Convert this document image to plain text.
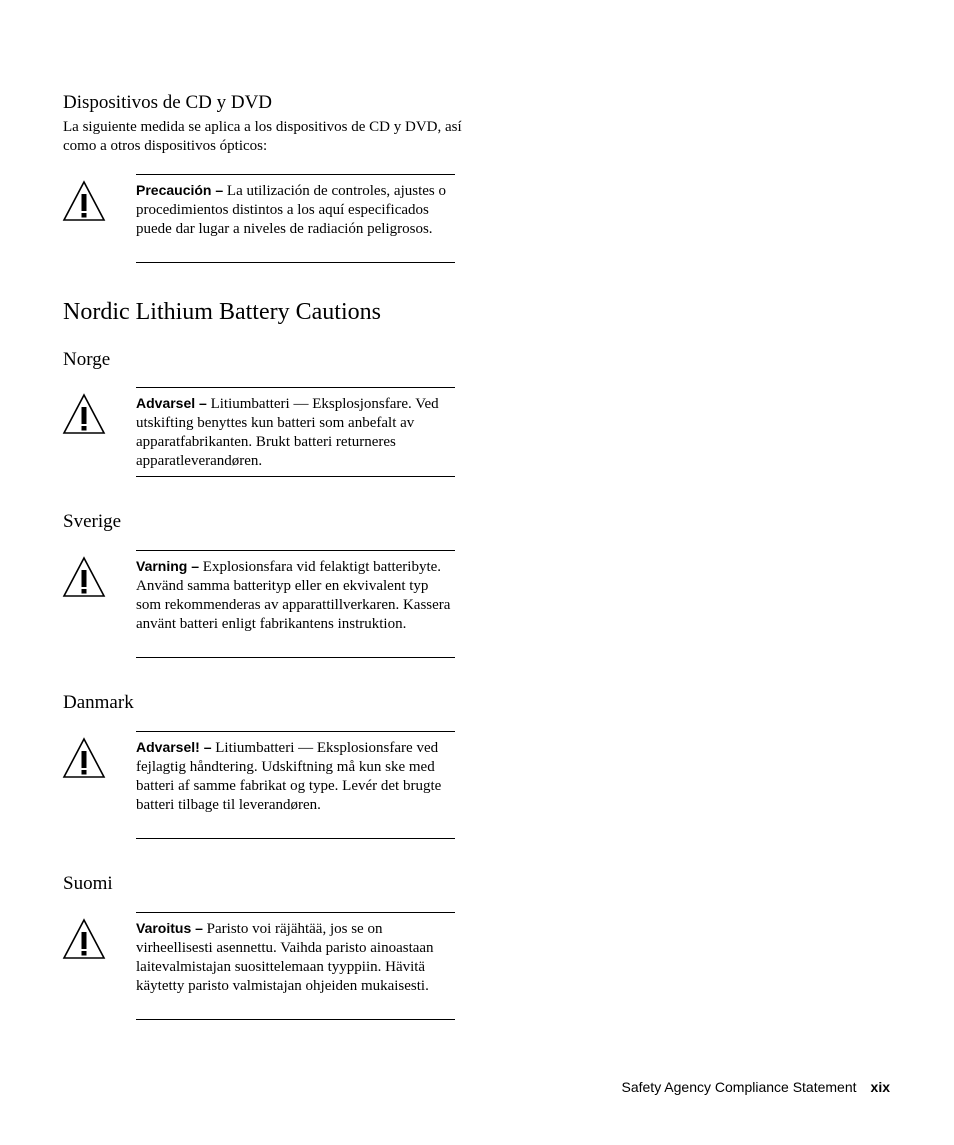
Dispositivos de CD y DVD

La siguiente medida se aplica a los dispositivos de CD y DVD, así como a otros dispositivos ópticos:

Precaución – La utilización de controles, ajustes o procedimientos distintos a los aquí especificados puede dar lugar a niveles de radiación peligrosos.

Nordic Lithium Battery Cautions
Norge

Advarsel – Litiumbatteri — Eksplosjonsfare. Ved utskifting benyttes kun batteri som anbefalt av apparatfabrikanten. Brukt batteri returneres apparatleverandøren.

Sverige

Varning – Explosionsfara vid felaktigt batteribyte. Använd samma batterityp eller en ekvivalent typ som rekommenderas av apparattillverkaren. Kassera använt batteri enligt fabrikantens instruktion.

Danmark

Advarsel! – Litiumbatteri — Eksplosionsfare ved fejlagtig håndtering. Udskiftning må kun ske med batteri af samme fabrikat og type. Levér det brugte batteri tilbage til leverandøren.

Suomi

Varoitus – Paristo voi räjähtää, jos se on virheellisesti asennettu. Vaihda paristo ainoastaan laitevalmistajan suosittelemaan tyyppiin. Hävitä käytetty paristo valmistajan ohjeiden mukaisesti.

Safety Agency Compliance Statement xix
